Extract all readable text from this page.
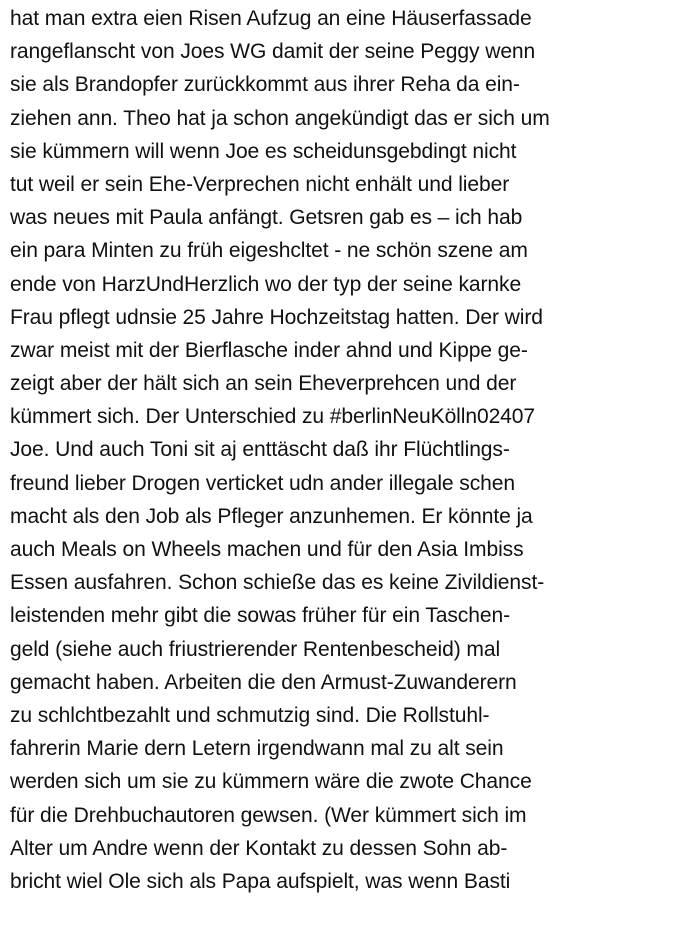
hat man extra eien Risen Aufzug an eine Häuserfassade
rangeflanscht von Joes WG damit der seine Peggy wenn
sie als Brandopfer zurückkommt aus ihrer Reha da ein-
ziehen ann. Theo hat ja schon angekündigt das er sich um
sie kümmern will wenn Joe es scheidunsgebdingt nicht
tut weil er sein Ehe-Verprechen nicht enhält und lieber
was neues mit Paula anfängt. Getsren gab es – ich hab
ein para Minten zu früh eigeshcltet - ne schön szene am
ende von HarzUndHerzlich wo der typ der seine karnke
Frau pflegt udnsie 25 Jahre Hochzeitstag hatten. Der wird
zwar meist mit der Bierflasche inder ahnd und Kippe ge-
zeigt aber der hält sich an sein Eheverprehcen und der
kümmert sich. Der Unterschied zu #berlinNeuKölln02407
Joe. Und auch Toni sit aj enttäscht daß ihr Flüchtlings-
freund lieber Drogen verticket udn ander illegale schen
macht als den Job als Pfleger anzunhemen. Er könnte ja
auch Meals on Wheels machen und für den Asia Imbiss
Essen ausfahren. Schon schieße das es keine Zivildienst-
leistenden mehr gibt die sowas früher für ein Taschen-
geld (siehe auch friustrierender Rentenbescheid) mal
gemacht haben. Arbeiten die den Armust-Zuwanderern
zu schlchtbezahlt und schmutzig sind. Die Rollstuhl-
fahrerin Marie dern Letern irgendwann mal zu alt sein
werden sich um sie zu kümmern wäre die zwote Chance
für die Drehbuchautoren gewsen. (Wer kümmert sich im
Alter um Andre wenn der Kontakt zu dessen Sohn ab-
bricht wiel Ole sich als Papa aufspielt, was wenn Basti
